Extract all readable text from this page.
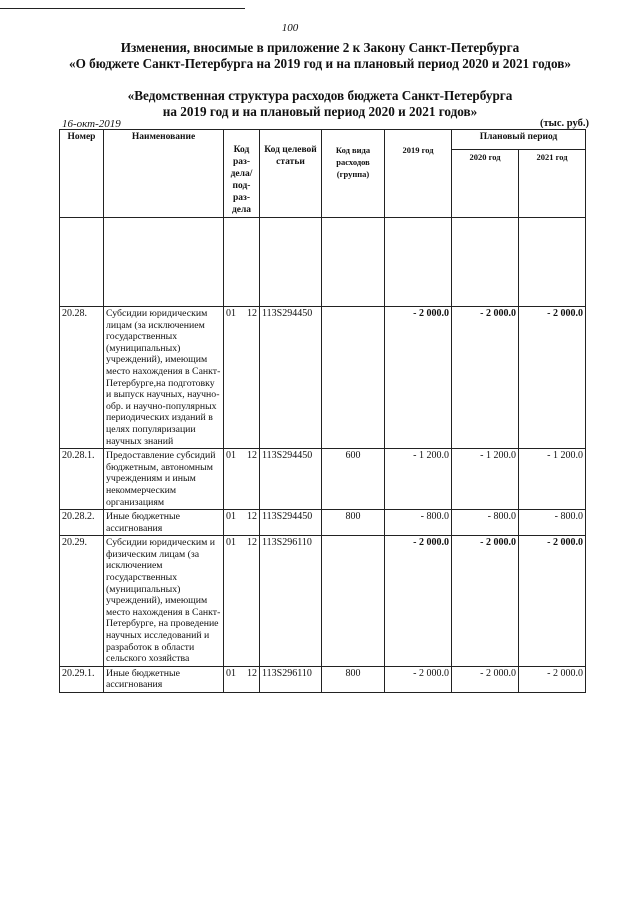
100
Изменения, вносимые в приложение 2 к Закону Санкт-Петербурга
«О бюджете Санкт-Петербурга на 2019 год и на плановый период 2020 и 2021 годов»
«Ведомственная структура расходов бюджета Санкт-Петербурга
на 2019 год и на плановый период 2020 и 2021 годов»
16-окт-2019	(тыс. руб.)
Номер	Наименование	Код раз-дела/ под-раз-дела	Код целевой статьи	Код вида расходов (группа)	2019 год	Плановый период	
						2020 год	2021 год

20.28.	Субсидии юридическим лицам (за исключением государственных (муниципальных) учреждений), имеющим место нахождения в Санкт-Петербурге,на подготовку и выпуск научных, научно-обр. и научно-популярных периодических изданий в целях популяризации научных знаний	01 12	113S294450		- 2 000.0	- 2 000.0	- 2 000.0
20.28.1.	Предоставление субсидий бюджетным, автономным учреждениям и иным некоммерческим организациям	01 12	113S294450	600	- 1 200.0	- 1 200.0	- 1 200.0
20.28.2.	Иные бюджетные ассигнования	01 12	113S294450	800	- 800.0	- 800.0	- 800.0
20.29.	Субсидии юридическим и физическим лицам (за исключением государственных (муниципальных) учреждений), имеющим место нахождения в Санкт-Петербурге, на проведение научных исследований и разработок в области сельского хозяйства	01 12	113S296110		- 2 000.0	- 2 000.0	- 2 000.0
20.29.1.	Иные бюджетные ассигнования	01 12	113S296110	800	- 2 000.0	- 2 000.0	- 2 000.0
